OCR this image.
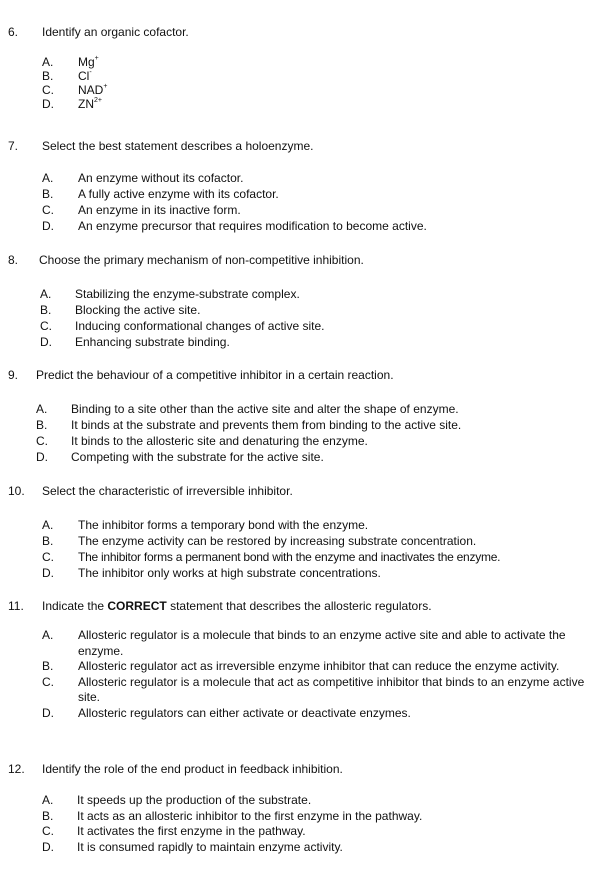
6. Identify an organic cofactor.
A. Mg+
B. Cl-
C. NAD+
D. $ZN^{2+}$
7. Select the best statement describes a holoenzyme.
A. An enzyme without its cofactor.
B. A fully active enzyme with its cofactor.
C. An enzyme in its inactive form.
D. An enzyme precursor that requires modification to become active.
8. Choose the primary mechanism of non-competitive inhibition.
A. Stabilizing the enzyme-substrate complex.
B. Blocking the active site.
C. Inducing conformational changes of active site.
D. Enhancing substrate binding.
9. Predict the behaviour of a competitive inhibitor in a certain reaction.
A. Binding to a site other than the active site and alter the shape of enzyme.
B. It binds at the substrate and prevents them from binding to the active site.
C. It binds to the allosteric site and denaturing the enzyme.
D. Competing with the substrate for the active site.
10. Select the characteristic of irreversible inhibitor.
A. The inhibitor forms a temporary bond with the enzyme.
B. The enzyme activity can be restored by increasing substrate concentration.
C. The inhibitor forms a permanent bond with the enzyme and inactivates the enzyme.
D. The inhibitor only works at high substrate concentrations.
11. Indicate the CORRECT statement that describes the allosteric regulators.
A. Allosteric regulator is a molecule that binds to an enzyme active site and able to activate the enzyme.
B. Allosteric regulator act as irreversible enzyme inhibitor that can reduce the enzyme activity.
C. Allosteric regulator is a molecule that act as competitive inhibitor that binds to an enzyme active site.
D. Allosteric regulators can either activate or deactivate enzymes.
12. Identify the role of the end product in feedback inhibition.
A. It speeds up the production of the substrate.
B. It acts as an allosteric inhibitor to the first enzyme in the pathway.
C. It activates the first enzyme in the pathway.
D. It is consumed rapidly to maintain enzyme activity.
